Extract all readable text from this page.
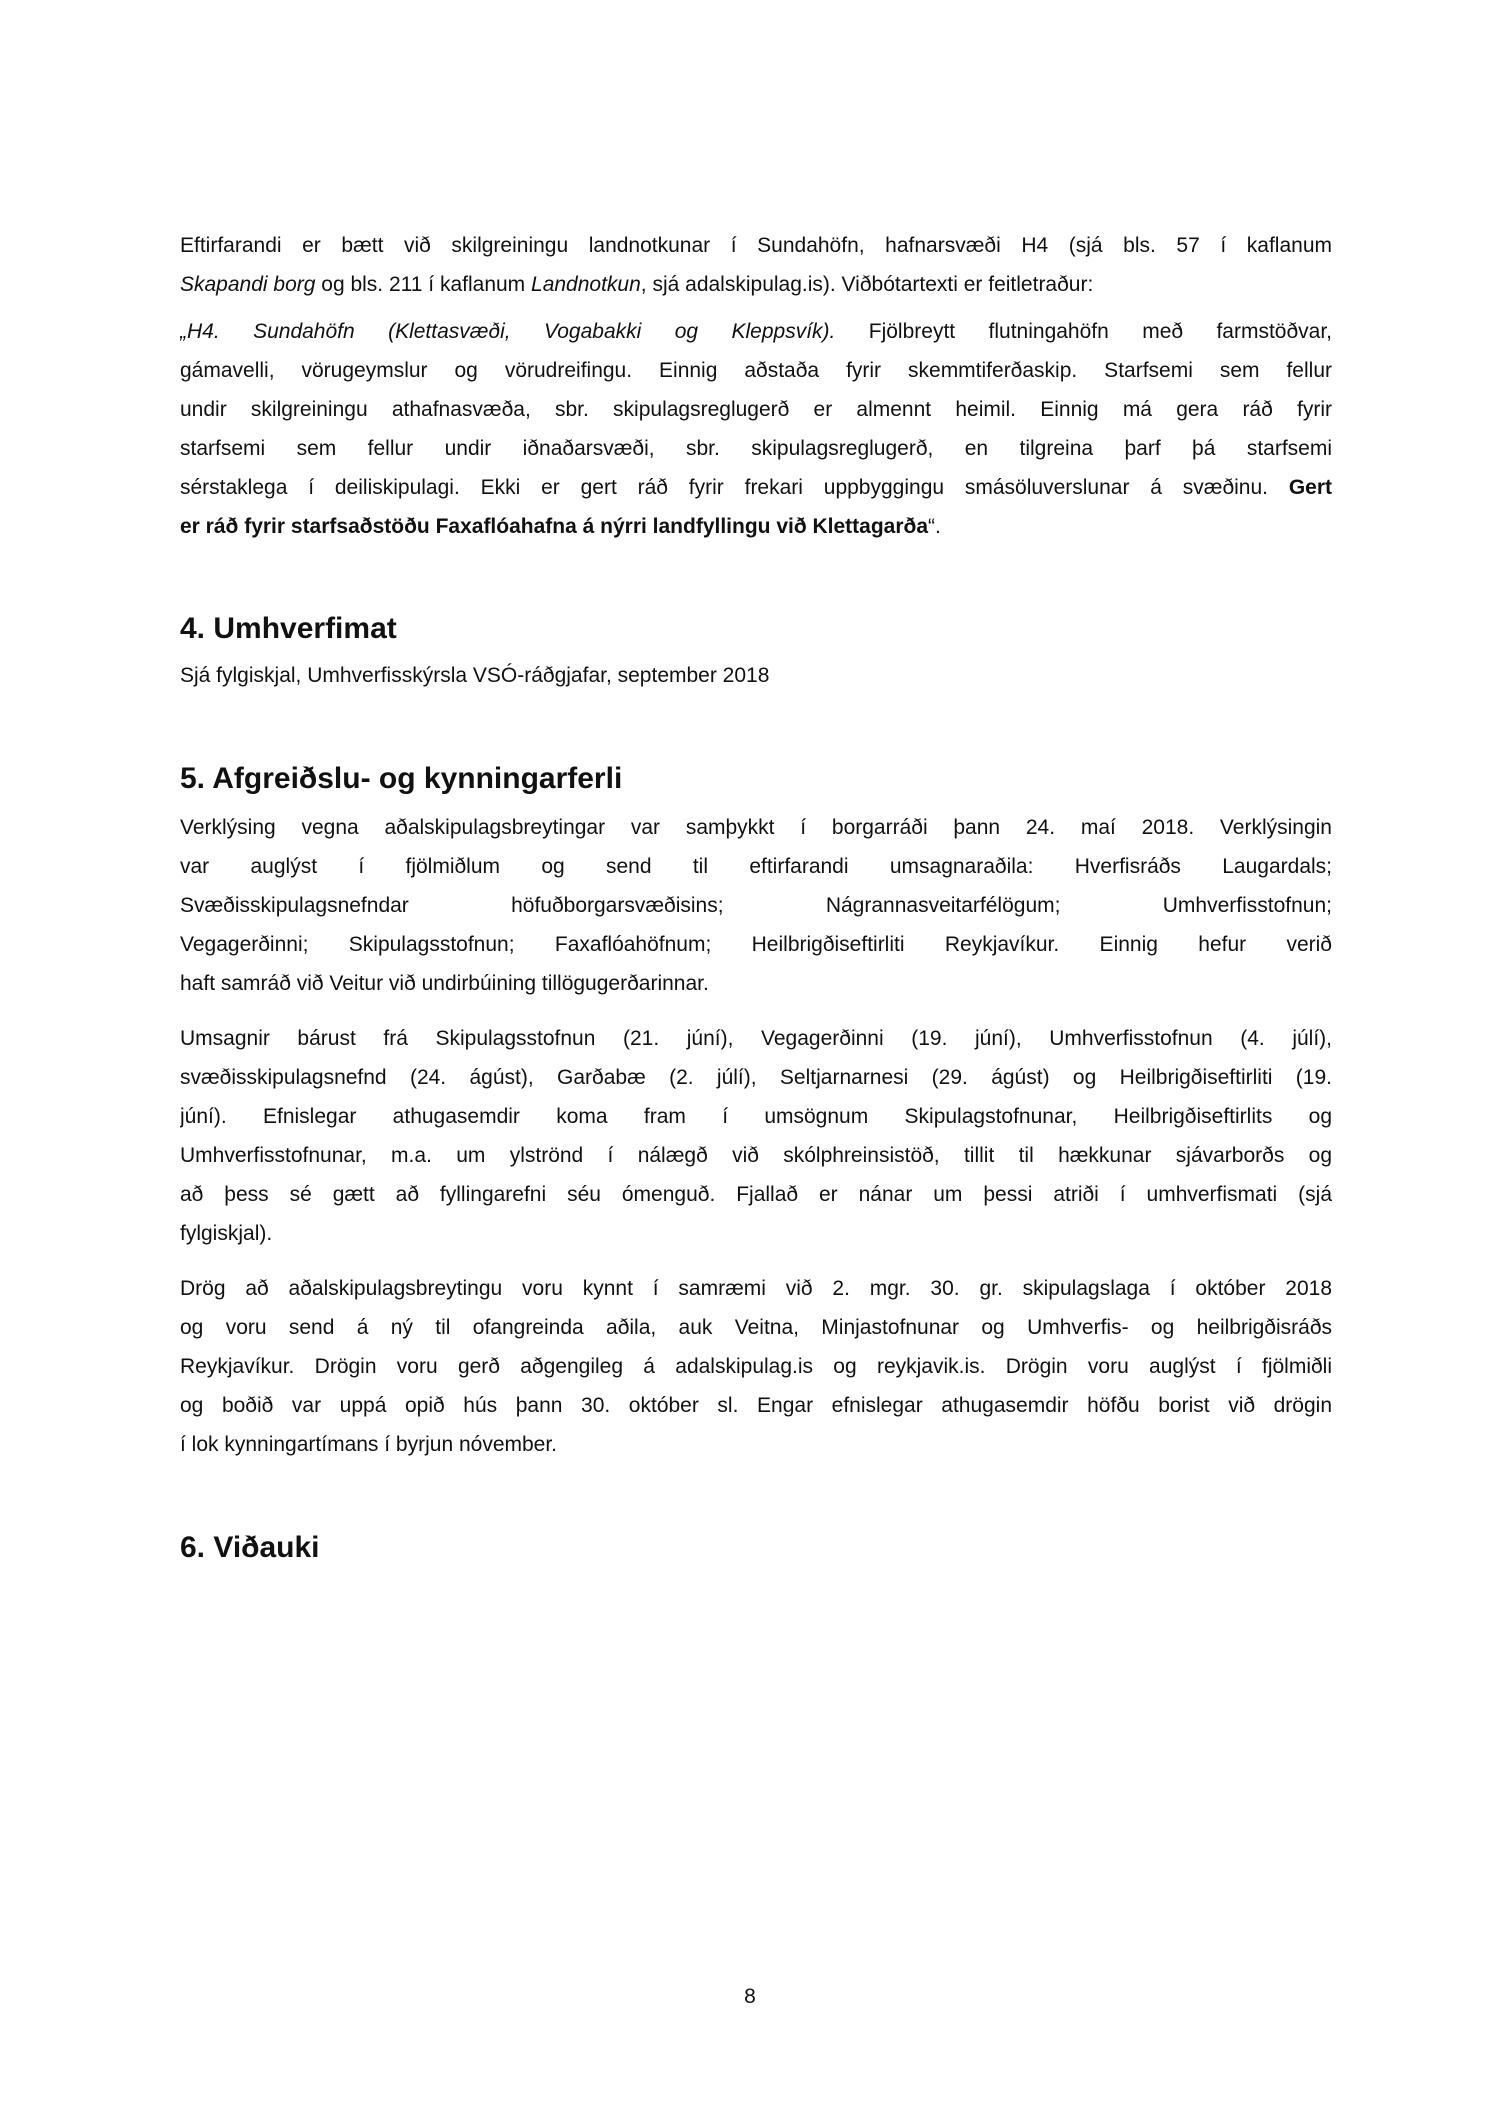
Eftirfarandi er bætt við skilgreiningu landnotkunar í Sundahöfn, hafnarsvæði H4 (sjá bls. 57 í kaflanum
Skapandi borg og bls. 211 í kaflanum Landnotkun, sjá adalskipulag.is). Viðbótartexti er feitletraður:
„H4. Sundahöfn (Klettasvæði, Vogabakki og Kleppsvík). Fjölbreytt flutningahöfn með farmstöðvar,
gámavelli, vörugeymslur og vörudreifingu. Einnig aðstaða fyrir skemmtiferðaskip. Starfsemi sem fellur
undir skilgreiningu athafnasvæða, sbr. skipulagsreglugerð er almennt heimil. Einnig má gera ráð fyrir
starfsemi sem fellur undir iðnaðarsvæði, sbr. skipulagsreglugerð, en tilgreina þarf þá starfsemi
sérstaklega í deiliskipulagi. Ekki er gert ráð fyrir frekari uppbyggingu smásöluverslunar á svæðinu. Gert
er ráð fyrir starfsaðstöðu Faxaflóahafna á nýrri landfyllingu við Klettagarða“.
4. Umhverfimat
Sjá fylgiskjal, Umhverfisskýrsla VSÓ-ráðgjafar, september 2018
5. Afgreiðslu- og kynningarferli
Verklýsing vegna aðalskipulagsbreytingar var samþykkt í borgarráði þann 24. maí 2018. Verklýsingin
var auglýst í fjölmiðlum og send til eftirfarandi umsagnaraðila: Hverfisráðs Laugardals;
Svæðisskipulagsnefndar höfuðborgarsvæðisins; Nágrannasveitarfélögum; Umhverfisstofnun;
Vegagerðinni; Skipulagsstofnun; Faxaflóahöfnum; Heilbrigðiseftirliti Reykjavíkur. Einnig hefur verið
haft samráð við Veitur við undirbúining tillögugerðarinnar.
Umsagnir bárust frá Skipulagsstofnun (21. júní), Vegagerðinni (19. júní), Umhverfisstofnun (4. júlí),
svæðisskipulagsnefnd (24. ágúst), Garðabæ (2. júlí), Seltjarnarnesi (29. ágúst) og Heilbrigðiseftirliti (19.
júní). Efnislegar athugasemdir koma fram í umsögnum Skipulagstofnunar, Heilbrigðiseftirlits og
Umhverfisstofnunar, m.a. um ylströnd í nálægð við skólphreinsistöð, tillit til hækkunar sjávarborðs og
að þess sé gætt að fyllingarefni séu ómenguð. Fjallað er nánar um þessi atriði í umhverfismati (sjá
fylgiskjal).
Drög að aðalskipulagsbreytingu voru kynnt í samræmi við 2. mgr. 30. gr. skipulagslaga í október 2018
og voru send á ný til ofangreinda aðila, auk Veitna, Minjastofnunar og Umhverfis- og heilbrigðisráðs
Reykjavíkur. Drögin voru gerð aðgengileg á adalskipulag.is og reykjavik.is. Drögin voru auglýst í fjölmiðli
og boðið var uppá opið hús þann 30. október sl. Engar efnislegar athugasemdir höfðu borist við drögin
í lok kynningartímans í byrjun nóvember.
6. Viðauki
8
